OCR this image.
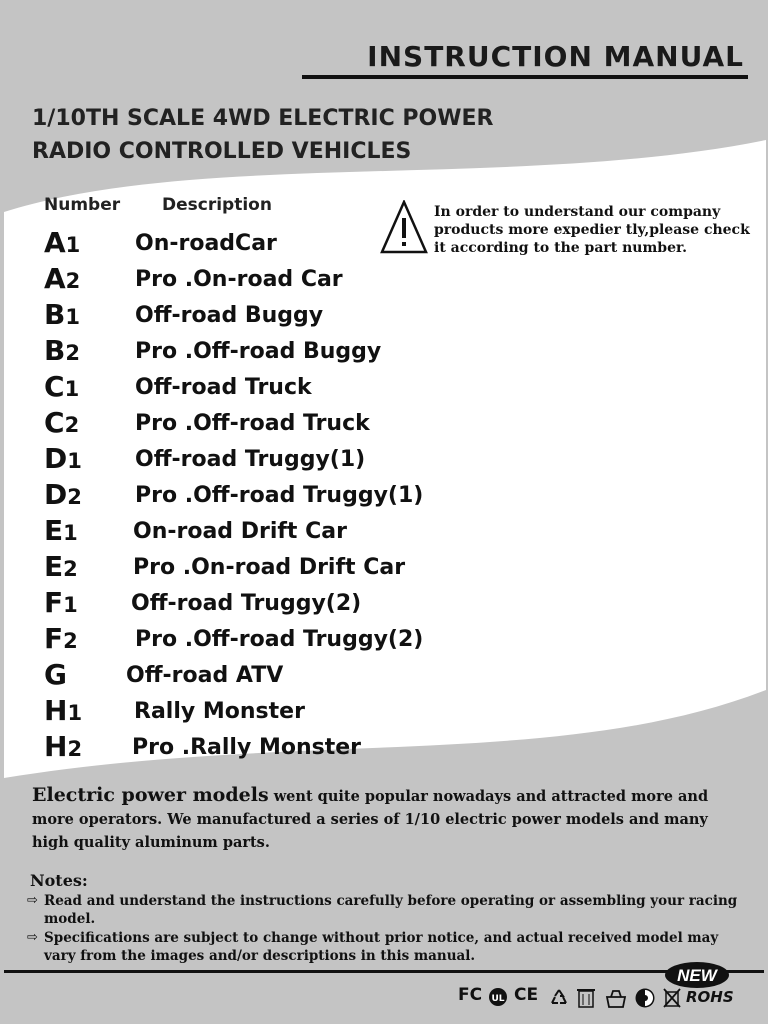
INSTRUCTION MANUAL
1/10TH SCALE 4WD ELECTRIC POWER
RADIO CONTROLLED VEHICLES
Number Description	In order to understand our company products more expedier tly,please check it according to the part number.
A1 On-roadCar
A2 Pro .On-road Car
B1	Off-road Buggy
B2	Pro .Off-road Buggy
C1	Off-road Truck
C2	Pro .Off-road Truck
D1 Off-road Truggy(1)
D2 Pro .Off-road Truggy(1)
E1	On-road Drift Car
E2	Pro .On-road Drift Car
F1 Off-road Truggy(2)
F2	Pro .Off-road Truggy(2)
G	Off-road ATV
H1 Rally Monster
H2 Pro .Rally Monster

Electric power models went quite popular nowadays and attracted more and more operators. We manufactured a series of 1/10 electric power models and many high quality aluminum parts.

Notes:
⇨ Read and understand the instructions carefully before operating or assembling your racing model.
⇨ Specifications are subject to change without prior notice, and actual received model may vary from the images and/or descriptions in this manual.
NEW
FC UL CE	ROHS
